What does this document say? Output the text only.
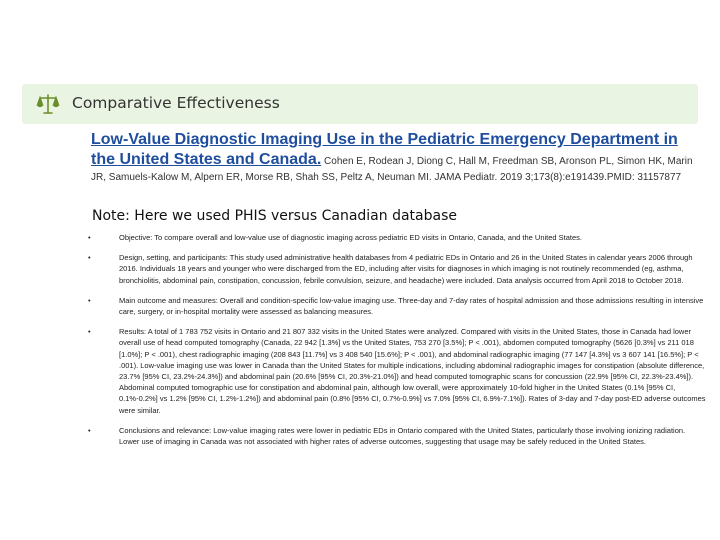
Comparative Effectiveness
Low-Value Diagnostic Imaging Use in the Pediatric Emergency Department in the United States and Canada. Cohen E, Rodean J, Diong C, Hall M, Freedman SB, Aronson PL, Simon HK, Marin JR, Samuels-Kalow M, Alpern ER, Morse RB, Shah SS, Peltz A, Neuman MI. JAMA Pediatr. 2019 3;173(8):e191439.PMID: 31157877
Note: Here we used PHIS versus Canadian database
•	Objective: To compare overall and low-value use of diagnostic imaging across pediatric ED visits in Ontario, Canada, and the United States.
•	Design, setting, and participants: This study used administrative health databases from 4 pediatric EDs in Ontario and 26 in the United States in calendar years 2006 through 2016. Individuals 18 years and younger who were discharged from the ED, including after visits for diagnoses in which imaging is not routinely recommended (eg, asthma, bronchiolitis, abdominal pain, constipation, concussion, febrile convulsion, seizure, and headache) were included. Data analysis occurred from April 2018 to October 2018.
•	Main outcome and measures: Overall and condition-specific low-value imaging use. Three-day and 7-day rates of hospital admission and those admissions resulting in intensive care, surgery, or in-hospital mortality were assessed as balancing measures.
•	Results: A total of 1 783 752 visits in Ontario and 21 807 332 visits in the United States were analyzed. Compared with visits in the United States, those in Canada had lower overall use of head computed tomography (Canada, 22 942 [1.3%] vs the United States, 753 270 [3.5%]; P < .001), abdomen computed tomography (5626 [0.3%] vs 211 018 [1.0%]; P < .001), chest radiographic imaging (208 843 [11.7%] vs 3 408 540 [15.6%]; P < .001), and abdominal radiographic imaging (77 147 [4.3%] vs 3 607 141 [16.5%]; P < .001). Low-value imaging use was lower in Canada than the United States for multiple indications, including abdominal radiographic images for constipation (absolute difference, 23.7% [95% CI, 23.2%-24.3%]) and abdominal pain (20.6% [95% CI, 20.3%-21.0%]) and head computed tomographic scans for concussion (22.9% [95% CI, 22.3%-23.4%]). Abdominal computed tomographic use for constipation and abdominal pain, although low overall, were approximately 10-fold higher in the United States (0.1% [95% CI, 0.1%-0.2%] vs 1.2% [95% CI, 1.2%-1.2%]) and abdominal pain (0.8% [95% CI, 0.7%-0.9%] vs 7.0% [95% CI, 6.9%-7.1%]). Rates of 3-day and 7-day post-ED adverse outcomes were similar.
•	Conclusions and relevance: Low-value imaging rates were lower in pediatric EDs in Ontario compared with the United States, particularly those involving ionizing radiation. Lower use of imaging in Canada was not associated with higher rates of adverse outcomes, suggesting that usage may be safely reduced in the United States.
